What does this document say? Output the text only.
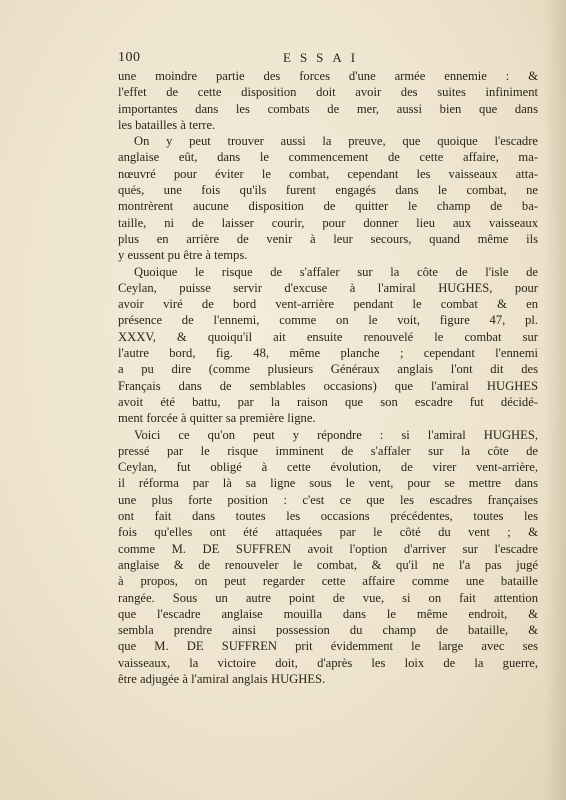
100	ESSAI
une moindre partie des forces d'une armée ennemie : &
l'effet de cette disposition doit avoir des suites infiniment
importantes dans les combats de mer, aussi bien que dans
les batailles à terre.
On y peut trouver aussi la preuve, que quoique l'escadre
anglaise eût, dans le commencement de cette affaire, ma-
nœuvré pour éviter le combat, cependant les vaisseaux atta-
qués, une fois qu'ils furent engagés dans le combat, ne
montrèrent aucune disposition de quitter le champ de ba-
taille, ni de laisser courir, pour donner lieu aux vaisseaux
plus en arrière de venir à leur secours, quand même ils
y eussent pu être à temps.
Quoique le risque de s'affaler sur la côte de l'isle de
Ceylan, puisse servir d'excuse à l'amiral HUGHES, pour
avoir viré de bord vent-arrière pendant le combat & en
présence de l'ennemi, comme on le voit, figure 47, pl.
XXXV, & quoiqu'il ait ensuite renouvelé le combat sur
l'autre bord, fig. 48, même planche ; cependant l'ennemi
a pu dire (comme plusieurs Généraux anglais l'ont dit des
Français dans de semblables occasions) que l'amiral HUGHES
avoit été battu, par la raison que son escadre fut décidé-
ment forcée à quitter sa première ligne.
Voici ce qu'on peut y répondre : si l'amiral HUGHES,
pressé par le risque imminent de s'affaler sur la côte de
Ceylan, fut obligé à cette évolution, de virer vent-arrière,
il réforma par là sa ligne sous le vent, pour se mettre dans
une plus forte position : c'est ce que les escadres françaises
ont fait dans toutes les occasions précédentes, toutes les
fois qu'elles ont été attaquées par le côté du vent ; &
comme M. DE SUFFREN avoit l'option d'arriver sur l'escadre
anglaise & de renouveler le combat, & qu'il ne l'a pas jugé
à propos, on peut regarder cette affaire comme une bataille
rangée. Sous un autre point de vue, si on fait attention
que l'escadre anglaise mouilla dans le même endroit, &
sembla prendre ainsi possession du champ de bataille, &
que M. DE SUFFREN prit évidemment le large avec ses
vaisseaux, la victoire doit, d'après les loix de la guerre,
être adjugée à l'amiral anglais HUGHES.
